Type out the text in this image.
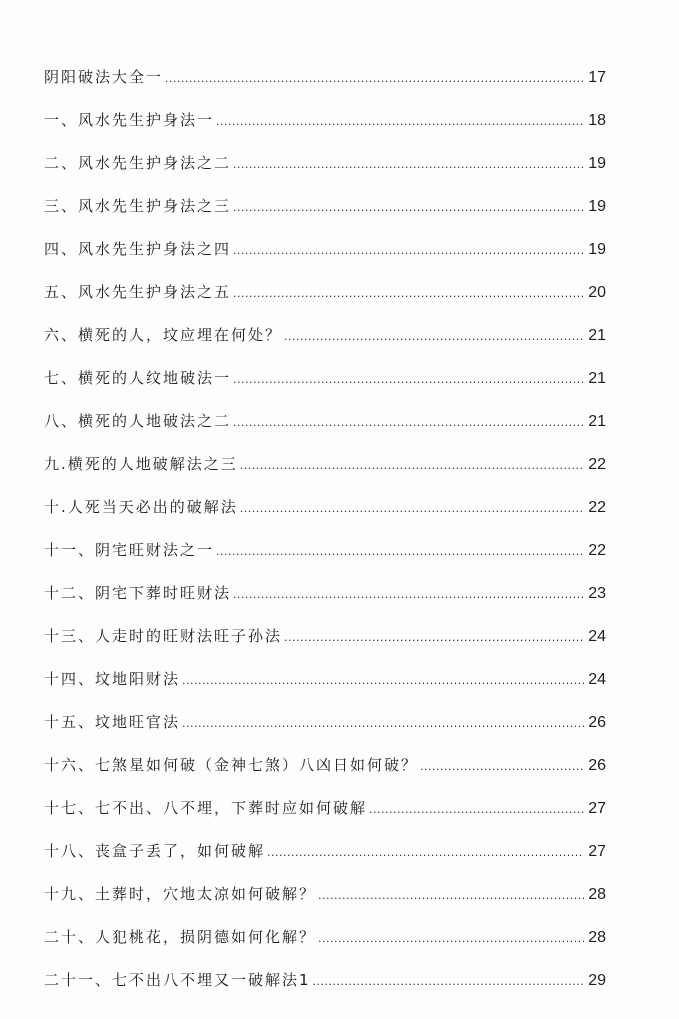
阴阳破法大全一 .....	17
一、风水先生护身法一 .....	18
二、风水先生护身法之二 .....	19
三、风水先生护身法之三 .....	19
四、风水先生护身法之四 .....	19
五、风水先生护身法之五 .....	20
六、横死的人，坟应埋在何处？ .....	21
七、横死的人纹地破法一 .....	21
八、横死的人地破法之二 .....	21
九.横死的人地破解法之三 .....	22
十.人死当天必出的破解法 .....	22
十一、阴宅旺财法之一 .....	22
十二、阴宅下葬时旺财法 .....	23
十三、人走时的旺财法旺子孙法 .....	24
十四、坟地阳财法 .....	24
十五、坟地旺官法 .....	26
十六、七煞星如何破（金神七煞）八凶日如何破？ .....	26
十七、七不出、八不埋，下葬时应如何破解 .....	27
十八、丧盒子丢了，如何破解 .....	27
十九、土葬时，穴地太凉如何破解？ .....	28
二十、人犯桃花，损阴德如何化解？ .....	28
二十一、七不出八不埋又一破解法1 .....	29
